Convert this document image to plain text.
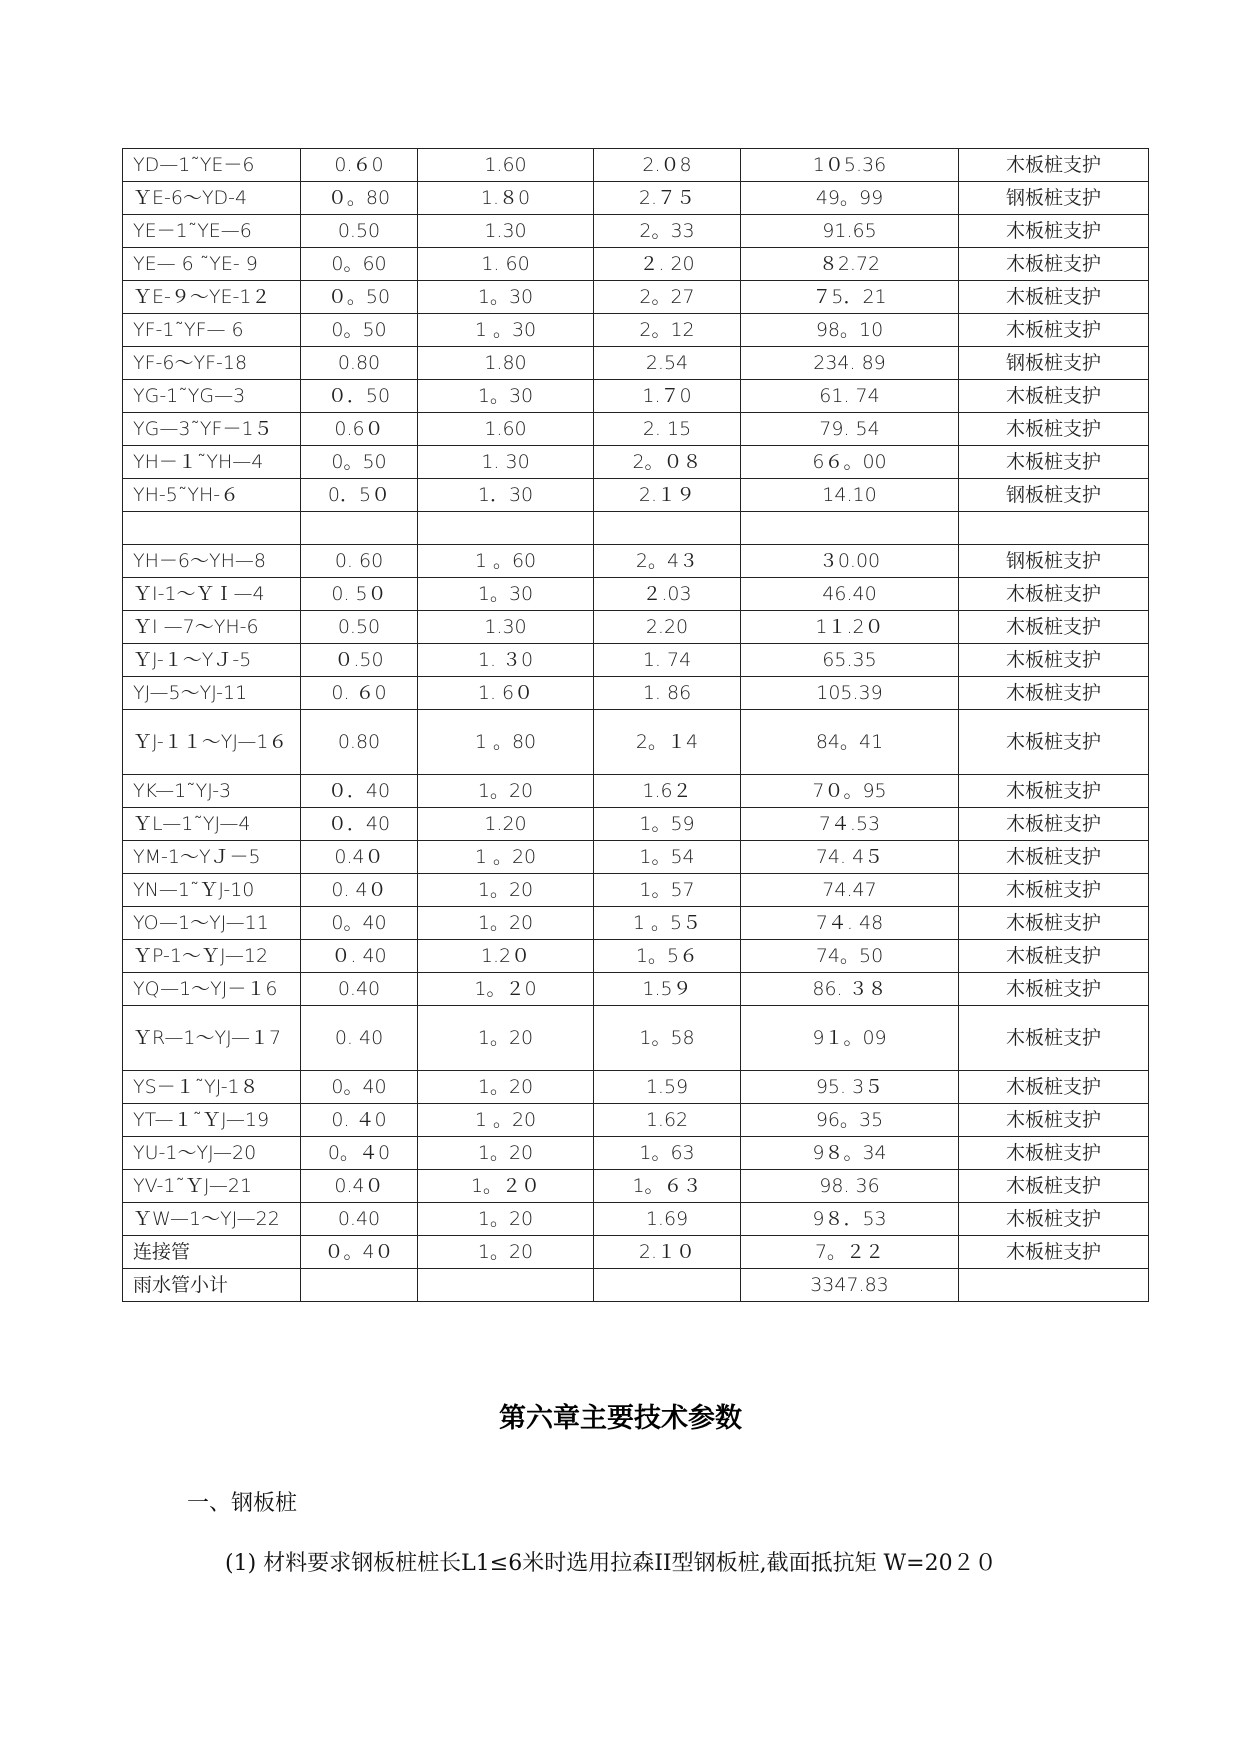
YD—1˜YE－6	0.６0	1.60	2.０8	1０5.36	木板桩支护
ＹE-6～YD-4	０。80	1.８0	2.７５	49。99	钢板桩支护
YE－1˜YE—6	0.50	1.30	2。33	91.65	木板桩支护
YE— 6 ˜YE- 9	0。60	1. 60	２. 20	８2.72	木板桩支护
ＹE-９～YE-1２	０。50	1。30	2。27	７5．21	木板桩支护
YF-1˜YF— 6	0。50	1 。30	2。12	98。10	木板桩支护
YF-6～YF-18	0.80	1.80	2.54	234. 89	钢板桩支护
YG-1˜YG—3	０．50	1。30	1.７0	61. 74	木板桩支护
YG—3˜YF－1５	0.6０	1.60	2. 15	79. 54	木板桩支护
YH－１˜YH—4	0。50	1. 30	2。０８	6６。00	木板桩支护
YH-5˜YH-６	0．5０	1．30	2.１９	14.10	钢板桩支护

YH－6～YH—8	0. 60	1 。60	2。4３	３0.00	钢板桩支护
ＹI-1～ＹＩ—4	0. 5０	1。30	２.03	46.40	木板桩支护
ＹI —7～YH-6	0.50	1.30	2.20	1１.2０	木板桩支护
ＹJ-１～YＪ-5	０.50	1. ３0	1. 74	65.35	木板桩支护
YJ—5～YJ-11	0. ６0	1. 6０	1. 86	105.39	木板桩支护
ＹJ-１１～YJ—1６	0.80	1 。80	2。１4	84。41	木板桩支护
YK—1˜YJ-3	０．40	1。20	1.6２	7０。95	木板桩支护
ＹL—1˜YJ—4	０．40	1.20	1。59	7４.53	木板桩支护
YM-1～YＪ－5	0.4０	1 。20	1。54	74. 4５	木板桩支护
YN—1˜ＹJ-10	0. 4０	1。20	1。57	74.47	木板桩支护
YO—1～YJ—11	0。40	1。20	1 。5５	7４. 48	木板桩支护
ＹP-1～ＹJ—12	０. 40	1.2０	1。5６	74。50	木板桩支护
YQ—1～YJ－１6	0.40	1。２0	1.5９	86. ３８	木板桩支护
ＹR—1～YJ—１7	0. 40	1。20	1。58	9１。09	木板桩支护
YS－１˜YJ-1８	0。40	1。20	1.59	95. 3５	木板桩支护
YT—１˜ＹJ—19	0. ４0	1 。20	1.62	96。35	木板桩支护
YU-1～YJ—20	0。４0	1。20	1。63	9８。34	木板桩支护
YV-1˜ＹJ—21	0.4０	1。２０	1。６３	98. 36	木板桩支护
ＹW—1～YJ—22	0.40	1。20	1.69	9８．53	木板桩支护
连接管	０。4０	1。20	2.１０	7。２２	木板桩支护
雨水管小计				3347.83	
第六章主要技术参数
一、钢板桩
(1) 材料要求钢板桩桩长L1≤6米时选用拉森II型钢板桩,截面抵抗矩 W=20２０
